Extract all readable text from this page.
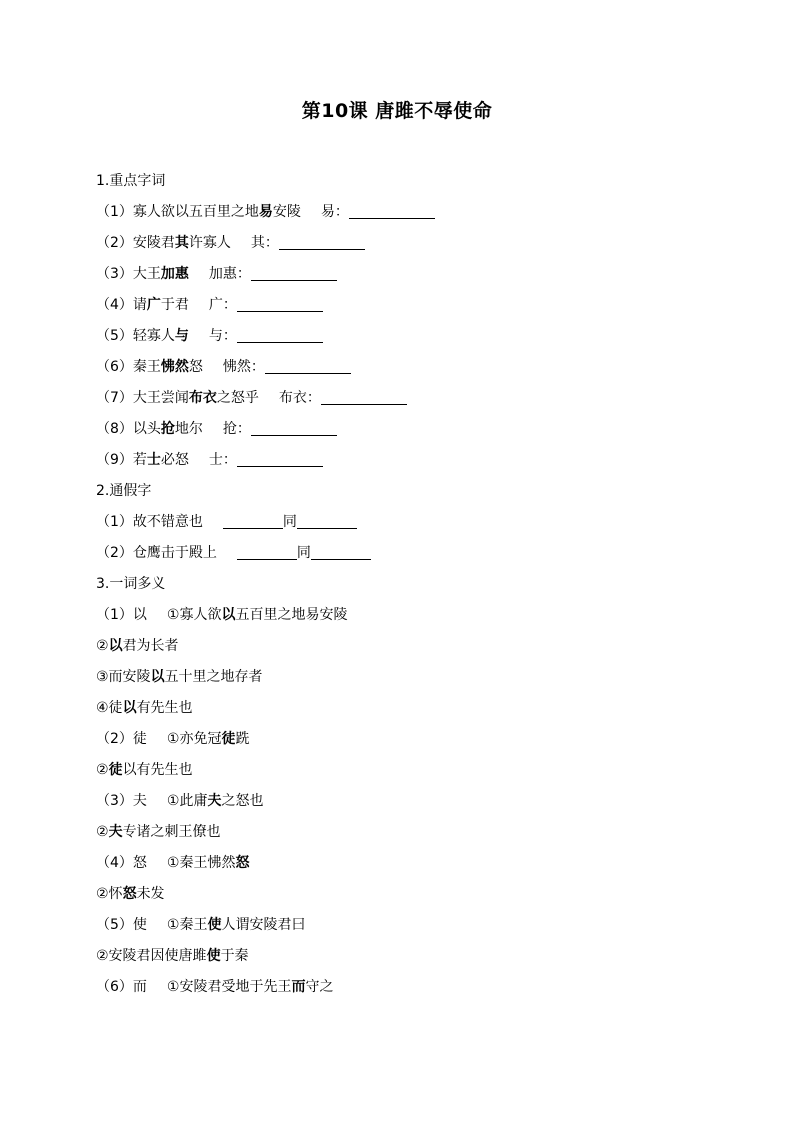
第10课 唐雎不辱使命
1.重点字词
（1）寡人欲以五百里之地易安陵 易：
（2）安陵君其许寡人 其：
（3）大王加惠 加惠：
（4）请广于君 广：
（5）轻寡人与 与：
（6）秦王怫然怒 怫然：
（7）大王尝闻布衣之怒乎 布衣：
（8）以头抢地尔 抢：
（9）若士必怒 士：
2.通假字
（1）故不错意也	同
（2）仓鹰击于殿上	同
3.一词多义
（1）以 ①寡人欲以五百里之地易安陵
②以君为长者
③而安陵以五十里之地存者
④徒以有先生也
（2）徒 ①亦免冠徒跣
②徒以有先生也
（3）夫 ①此庸夫之怒也
②夫专诸之刺王僚也
（4）怒 ①秦王怫然怒
②怀怒未发
（5）使 ①秦王使人谓安陵君曰
②安陵君因使唐雎使于秦
（6）而 ①安陵君受地于先王而守之
